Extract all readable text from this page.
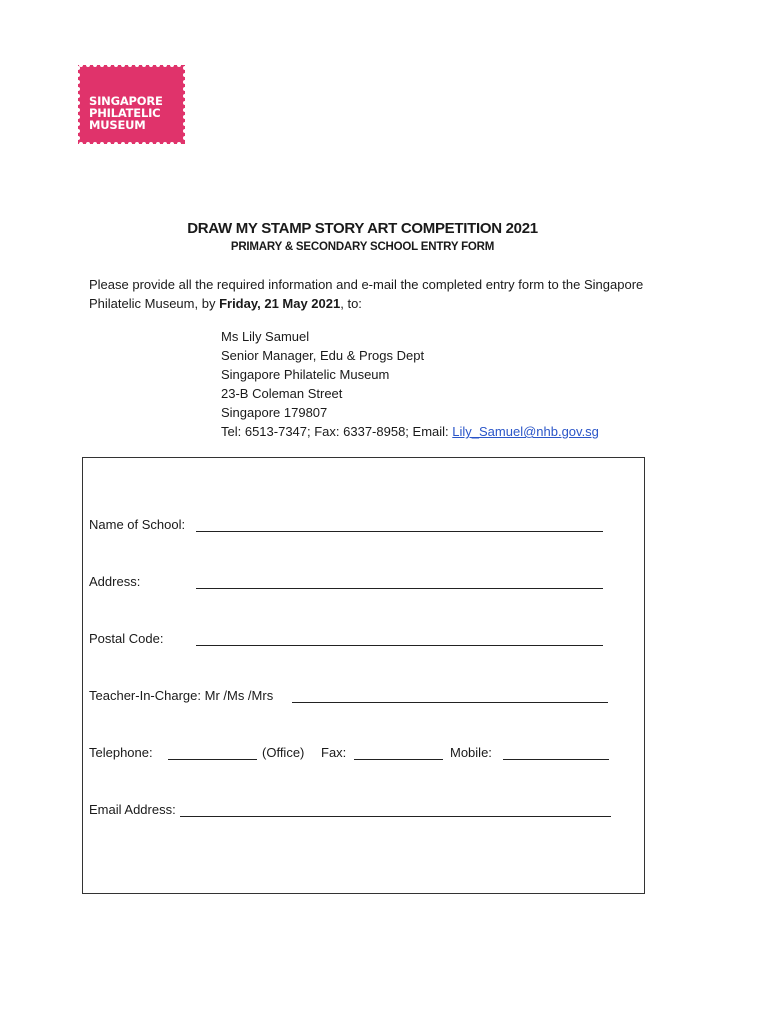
SINGAPORE
PHILATELIC
MUSEUM
DRAW MY STAMP STORY ART COMPETITION 2021
PRIMARY & SECONDARY SCHOOL ENTRY FORM
Please provide all the required information and e-mail the completed entry form to the Singapore Philatelic Museum, by Friday, 21 May 2021, to:
Ms Lily Samuel
Senior Manager, Edu & Progs Dept
Singapore Philatelic Museum
23-B Coleman Street
Singapore 179807
Tel: 6513-7347; Fax: 6337-8958; Email: Lily_Samuel@nhb.gov.sg
Name of School:
Address:
Postal Code:
Teacher-In-Charge: Mr /Ms /Mrs
Telephone:	(Office) Fax:	Mobile:
Email Address:
